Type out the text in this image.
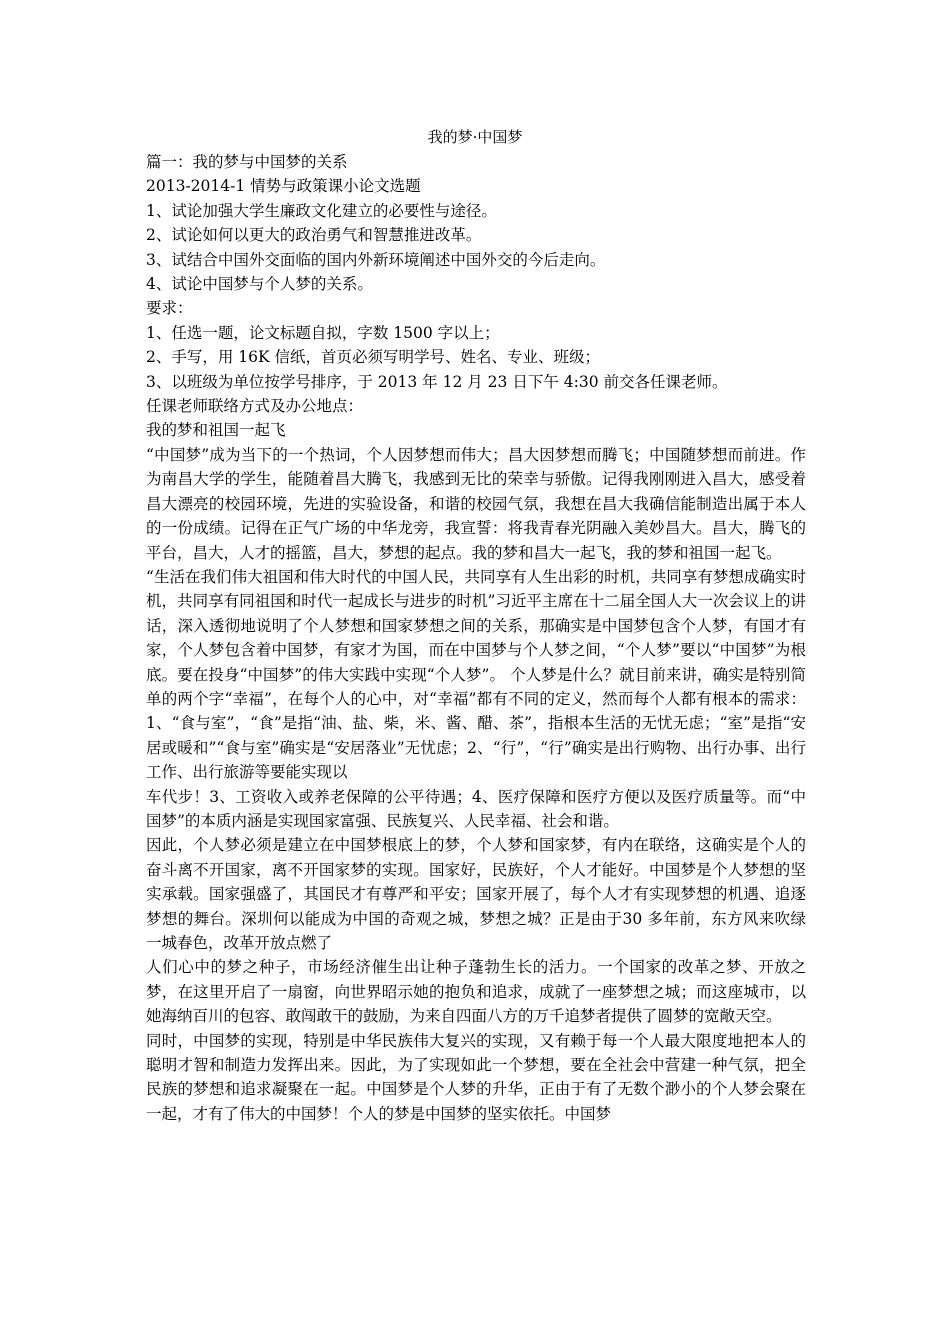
我的梦·中国梦

篇一：我的梦与中国梦的关系

2013-2014-1 情势与政策课小论文选题

1、试论加强大学生廉政文化建立的必要性与途径。

2、试论如何以更大的政治勇气和智慧推进改革。

3、试结合中国外交面临的国内外新环境阐述中国外交的今后走向。

4、试论中国梦与个人梦的关系。

要求：

1、任选一题，论文标题自拟，字数 1500 字以上；

2、手写，用 16K 信纸，首页必须写明学号、姓名、专业、班级；

3、以班级为单位按学号排序，于 2013 年 12 月 23 日下午 4:30 前交各任课老师。

任课老师联络方式及办公地点：

我的梦和祖国一起飞

“中国梦”成为当下的一个热词，个人因梦想而伟大；昌大因梦想而腾飞；中国随梦想而前进。作为南昌大学的学生，能随着昌大腾飞，我感到无比的荣幸与骄傲。记得我刚刚进入昌大，感受着昌大漂亮的校园环境，先进的实验设备，和谐的校园气氛，我想在昌大我确信能制造出属于本人的一份成绩。记得在正气广场的中华龙旁，我宣誓：将我青春光阴融入美妙昌大。昌大，腾飞的平台，昌大，人才的摇篮，昌大，梦想的起点。我的梦和昌大一起飞，我的梦和祖国一起飞。

“生活在我们伟大祖国和伟大时代的中国人民，共同享有人生出彩的时机，共同享有梦想成确实时机，共同享有同祖国和时代一起成长与进步的时机”习近平主席在十二届全国人大一次会议上的讲话，深入透彻地说明了个人梦想和国家梦想之间的关系，那确实是中国梦包含个人梦，有国才有家，个人梦包含着中国梦，有家才为国，而在中国梦与个人梦之间，“个人梦”要以“中国梦”为根底。要在投身“中国梦”的伟大实践中实现“个人梦”。 个人梦是什么？就目前来讲，确实是特别简单的两个字“幸福”，在每个人的心中，对“幸福”都有不同的定义，然而每个人都有根本的需求：1、“食与室”，“食”是指“油、盐、柴，米、酱、醋、茶”，指根本生活的无忧无虑；“室”是指“安居或暖和”“食与室”确实是“安居落业”无忧虑；2、“行”，“行”确实是出行购物、出行办事、出行工作、出行旅游等要能实现以

车代步！3、工资收入或养老保障的公平待遇；4、医疗保障和医疗方便以及医疗质量等。而“中国梦”的本质内涵是实现国家富强、民族复兴、人民幸福、社会和谐。

因此，个人梦必须是建立在中国梦根底上的梦，个人梦和国家梦，有内在联络，这确实是个人的奋斗离不开国家，离不开国家梦的实现。国家好，民族好，个人才能好。中国梦是个人梦想的坚实承载。国家强盛了，其国民才有尊严和平安；国家开展了，每个人才有实现梦想的机遇、追逐梦想的舞台。深圳何以能成为中国的奇观之城，梦想之城？正是由于30 多年前，东方风来吹绿一城春色，改革开放点燃了

人们心中的梦之种子，市场经济催生出让种子蓬勃生长的活力。一个国家的改革之梦、开放之梦，在这里开启了一扇窗，向世界昭示她的抱负和追求，成就了一座梦想之城；而这座城市，以她海纳百川的包容、敢闯敢干的鼓励，为来自四面八方的万千追梦者提供了圆梦的宽敞天空。

同时，中国梦的实现，特别是中华民族伟大复兴的实现，又有赖于每一个人最大限度地把本人的聪明才智和制造力发挥出来。因此，为了实现如此一个梦想，要在全社会中营建一种气氛，把全民族的梦想和追求凝聚在一起。中国梦是个人梦的升华，正由于有了无数个渺小的个人梦会聚在一起，才有了伟大的中国梦！个人的梦是中国梦的坚实依托。中国梦
